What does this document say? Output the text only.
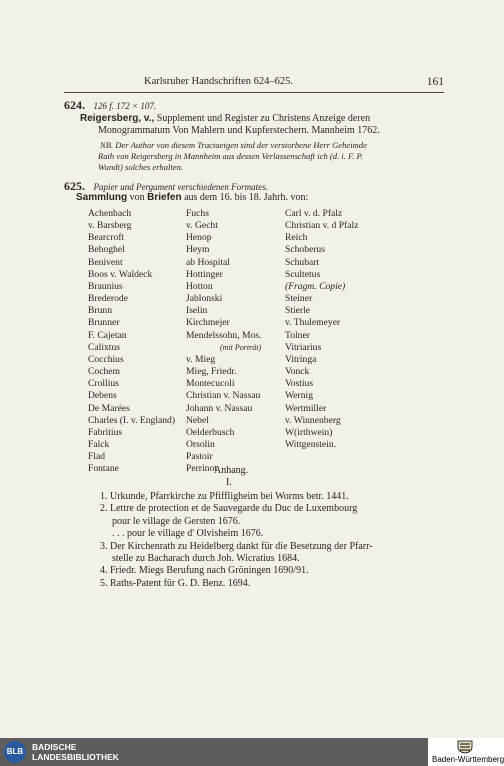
Karlsruher Handschriften 624–625.	161
624. 126 f. 172 × 107.
Reigersberg, v., Supplement und Register zu Christens Anzeige deren
Monogrammatum Von Mahlern und Kupferstechern. Mannheim 1762.
NB. Der Author von diesem Tractaetgen sind der verstorbene Herr Geheimde
Rath von Reigersberg in Mannheim aus dessen Verlassenschaft ich (d. i. F. P.
Wundt) solches erhalten.
625. Papier und Pergament verschiedenen Formates.
Sammlung von Briefen aus dem 16. bis 18. Jahrh. von:
Achenbach
v. Barsberg
Bearcroft
Behoghel
Benivent
Boos v. Waldeck
Braunius
Brederode
Brunn
Brunner
F. Cajetan
Calixtus
Cocchius
Cochem
Crollius
Debens
De Marées
Charles (I. v. England)
Fabritius
Falck
Flad
Fontane
Fuchs
v. Gecht
Henop
Heym
ab Hospital
Hottinger
Hotton
Jablonski
Iselin
Kirchmejer
Mendelssohn, Mos.
(mit Porträt)
v. Mieg
Mieg, Friedr.
Montecucoli
Christian v. Nassau
Johann v. Nassau
Nebel
Oelderbusch
Orsolin
Pastoir
Perrinot
Carl v. d. Pfalz
Christian v. d Pfalz
Reich
Schoberus
Schubart
Scultetus
(Fragm. Copie)
Steiner
Stierle
v. Thulemeyer
Tolner
Vitriarius
Vitringa
Vonck
Vostius
Wernig
Wertmiller
v. Winnenberg
W(irthwein)
Wittgenstein.
Anhang.
I.
1. Urkunde, Pfarrkirche zu Pfiffligheim bei Worms betr. 1441.
2. Lettre de protection et de Sauvegarde du Duc de Luxembourg
pour le village de Gersten 1676.
. . . pour le village d' Olvisheim 1676.
3. Der Kirchenrath zu Heidelberg dankt für die Besetzung der Pfarr-
stelle zu Bacharach durch Joh. Wicratius 1684.
4. Friedr. Miegs Berufung nach Gröningen 1690/91.
5. Raths-Patent für G. D. Benz. 1694.
BLB	BADISCHE
LANDESBIBLIOTHEK	Baden-Württemberg
